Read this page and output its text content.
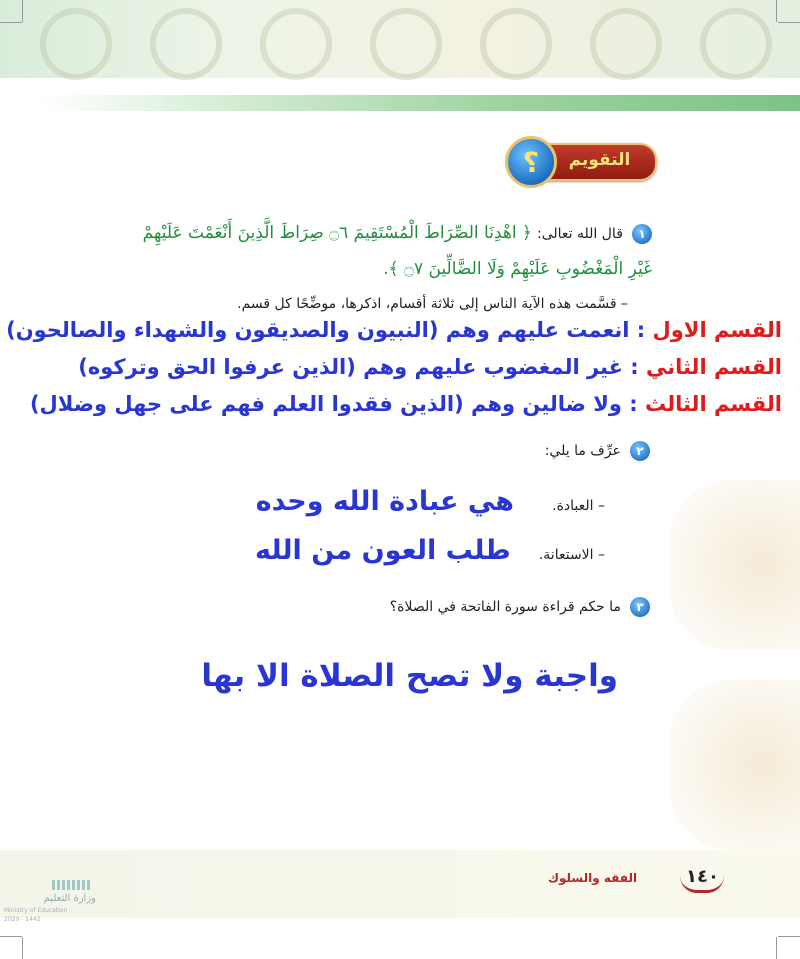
التقويم
؟
١ قال الله تعالى: ﴿ اهْدِنَا الصِّرَاطَ الْمُسْتَقِيمَ ۝٦ صِرَاطَ الَّذِينَ أَنْعَمْتَ عَلَيْهِمْ
غَيْرِ الْمَغْضُوبِ عَلَيْهِمْ وَلَا الضَّالِّينَ ۝٧ ﴾.
– قسَّمت هذه الآية الناس إلى ثلاثة أقسام، اذكرها، موضِّحًا كل قسم.
القسم الاول : انعمت عليهم وهم (النبيون والصديقون والشهداء والصالحون)
القسم الثاني : غير المغضوب عليهم وهم (الذين عرفوا الحق وتركوه)
القسم الثالث : ولا ضالين وهم (الذين فقدوا العلم فهم على جهل وضلال)
٢ عرِّف ما يلي:
– العبادة.  هي عبادة الله وحده
– الاستعانة.  طلب العون من الله
٣ ما حكم قراءة سورة الفاتحة في الصلاة؟
واجبة ولا تصح الصلاة الا بها
١٤٠
الفقه والسلوك
وزارة التعليم
Ministry of Education
2020 - 1442
